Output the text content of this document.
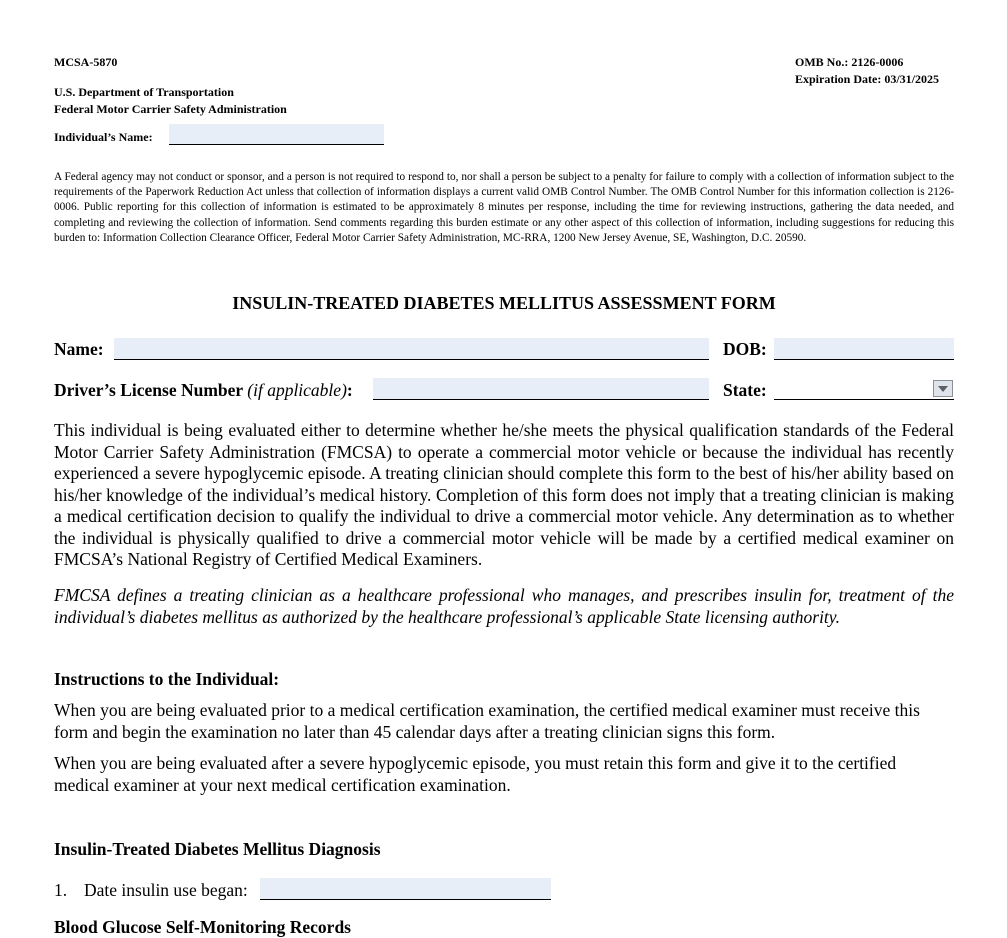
MCSA-5870	OMB No.: 2126-0006
Expiration Date: 03/31/2025
U.S. Department of Transportation
Federal Motor Carrier Safety Administration
Individual’s Name:
A Federal agency may not conduct or sponsor, and a person is not required to respond to, nor shall a person be subject to a penalty for failure to comply with a collection of information subject to the requirements of the Paperwork Reduction Act unless that collection of information displays a current valid OMB Control Number. The OMB Control Number for this information collection is 2126-0006. Public reporting for this collection of information is estimated to be approximately 8 minutes per response, including the time for reviewing instructions, gathering the data needed, and completing and reviewing the collection of information. Send comments regarding this burden estimate or any other aspect of this collection of information, including suggestions for reducing this burden to: Information Collection Clearance Officer, Federal Motor Carrier Safety Administration, MC-RRA, 1200 New Jersey Avenue, SE, Washington, D.C. 20590.
INSULIN-TREATED DIABETES MELLITUS ASSESSMENT FORM
Name:	DOB:
Driver’s License Number (if applicable):	State:
This individual is being evaluated either to determine whether he/she meets the physical qualification standards of the Federal Motor Carrier Safety Administration (FMCSA) to operate a commercial motor vehicle or because the individual has recently experienced a severe hypoglycemic episode. A treating clinician should complete this form to the best of his/her ability based on his/her knowledge of the individual’s medical history. Completion of this form does not imply that a treating clinician is making a medical certification decision to qualify the individual to drive a commercial motor vehicle. Any determination as to whether the individual is physically qualified to drive a commercial motor vehicle will be made by a certified medical examiner on FMCSA’s National Registry of Certified Medical Examiners.
FMCSA defines a treating clinician as a healthcare professional who manages, and prescribes insulin for, treatment of the individual’s diabetes mellitus as authorized by the healthcare professional’s applicable State licensing authority.
Instructions to the Individual:
When you are being evaluated prior to a medical certification examination, the certified medical examiner must receive this form and begin the examination no later than 45 calendar days after a treating clinician signs this form.
When you are being evaluated after a severe hypoglycemic episode, you must retain this form and give it to the certified medical examiner at your next medical certification examination.
Insulin-Treated Diabetes Mellitus Diagnosis
1. Date insulin use began:
Blood Glucose Self-Monitoring Records
